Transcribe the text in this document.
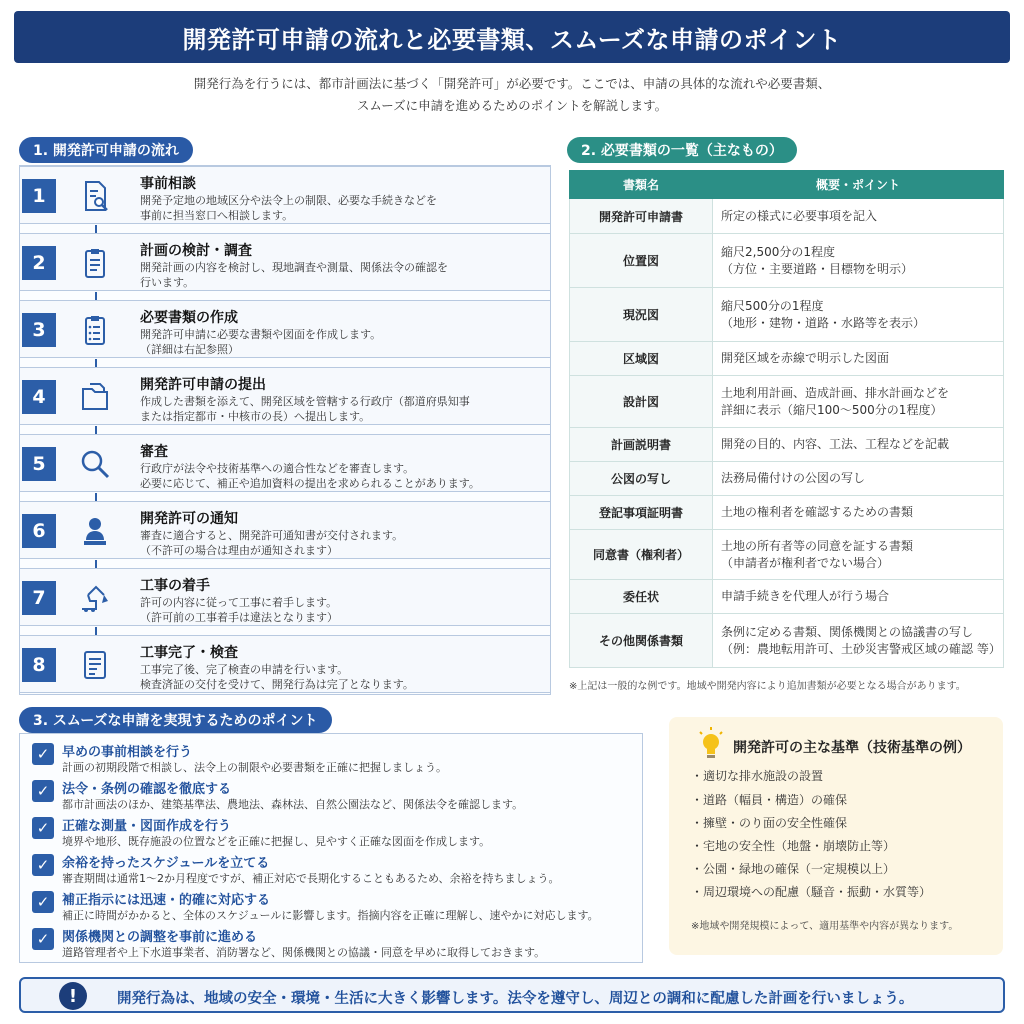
開発許可申請の流れと必要書類、スムーズな申請のポイント
開発行為を行うには、都市計画法に基づく「開発許可」が必要です。ここでは、申請の具体的な流れや必要書類、
スムーズに申請を進めるためのポイントを解説します。
1. 開発許可申請の流れ
1
事前相談
開発予定地の地域区分や法令上の制限、必要な手続きなどを
事前に担当窓口へ相談します。
2
計画の検討・調査
開発計画の内容を検討し、現地調査や測量、関係法令の確認を
行います。
3
必要書類の作成
開発許可申請に必要な書類や図面を作成します。
（詳細は右記参照）
4
開発許可申請の提出
作成した書類を添えて、開発区域を管轄する行政庁（都道府県知事
または指定都市・中核市の長）へ提出します。
5
審査
行政庁が法令や技術基準への適合性などを審査します。
必要に応じて、補正や追加資料の提出を求められることがあります。
6
開発許可の通知
審査に適合すると、開発許可通知書が交付されます。
（不許可の場合は理由が通知されます）
7
工事の着手
許可の内容に従って工事に着手します。
（許可前の工事着手は違法となります）
8
工事完了・検査
工事完了後、完了検査の申請を行います。
検査済証の交付を受けて、開発行為は完了となります。
2. 必要書類の一覧（主なもの）
書類名	概要・ポイント
開発許可申請書	所定の様式に必要事項を記入
位置図	縮尺2,500分の1程度
（方位・主要道路・目標物を明示）
現況図	縮尺500分の1程度
（地形・建物・道路・水路等を表示）
区域図	開発区域を赤線で明示した図面
設計図	土地利用計画、造成計画、排水計画などを
詳細に表示（縮尺100〜500分の1程度）
計画説明書	開発の目的、内容、工法、工程などを記載
公図の写し	法務局備付けの公図の写し
登記事項証明書	土地の権利者を確認するための書類
同意書（権利者）	土地の所有者等の同意を証する書類
（申請者が権利者でない場合）
委任状	申請手続きを代理人が行う場合
その他関係書類	条例に定める書類、関係機関との協議書の写し
（例：農地転用許可、土砂災害警戒区域の確認 等）
※上記は一般的な例です。地域や開発内容により追加書類が必要となる場合があります。
3. スムーズな申請を実現するためのポイント
✓ 早めの事前相談を行う
計画の初期段階で相談し、法令上の制限や必要書類を正確に把握しましょう。
✓ 法令・条例の確認を徹底する
都市計画法のほか、建築基準法、農地法、森林法、自然公園法など、関係法令を確認します。
✓ 正確な測量・図面作成を行う
境界や地形、既存施設の位置などを正確に把握し、見やすく正確な図面を作成します。
✓ 余裕を持ったスケジュールを立てる
審査期間は通常1〜2か月程度ですが、補正対応で長期化することもあるため、余裕を持ちましょう。
✓ 補正指示には迅速・的確に対応する
補正に時間がかかると、全体のスケジュールに影響します。指摘内容を正確に理解し、速やかに対応します。
✓ 関係機関との調整を事前に進める
道路管理者や上下水道事業者、消防署など、関係機関との協議・同意を早めに取得しておきます。
開発許可の主な基準（技術基準の例）
・適切な排水施設の設置
・道路（幅員・構造）の確保
・擁壁・のり面の安全性確保
・宅地の安全性（地盤・崩壊防止等）
・公園・緑地の確保（一定規模以上）
・周辺環境への配慮（騒音・振動・水質等）
※地域や開発規模によって、適用基準や内容が異なります。
!	開発行為は、地域の安全・環境・生活に大きく影響します。法令を遵守し、周辺との調和に配慮した計画を行いましょう。
